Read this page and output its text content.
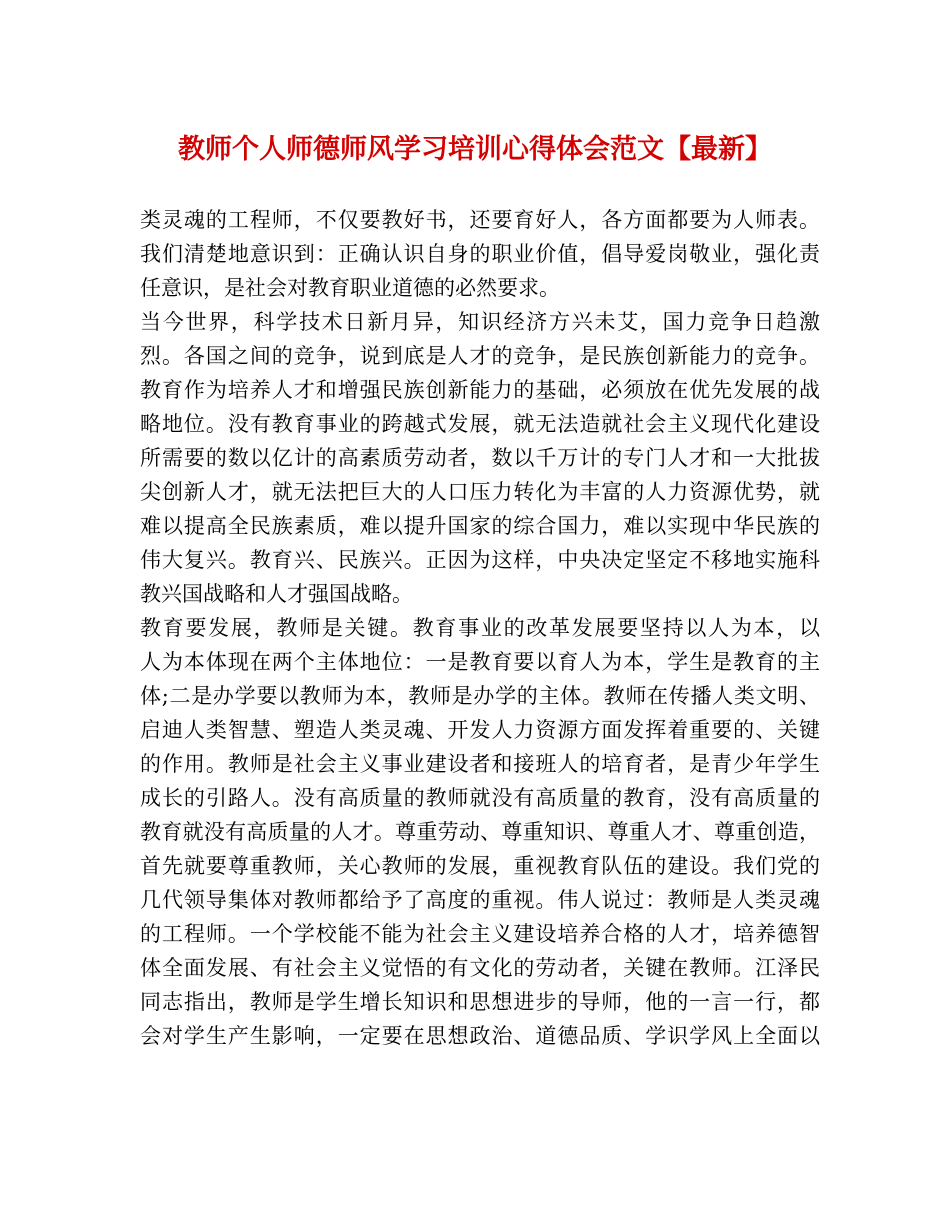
教师个人师德师风学习培训心得体会范文【最新】
类灵魂的工程师，不仅要教好书，还要育好人，各方面都要为人师表。
我们清楚地意识到：正确认识自身的职业价值，倡导爱岗敬业，强化责
任意识，是社会对教育职业道德的必然要求。
当今世界，科学技术日新月异，知识经济方兴未艾，国力竞争日趋激
烈。各国之间的竞争，说到底是人才的竞争，是民族创新能力的竞争。
教育作为培养人才和增强民族创新能力的基础，必须放在优先发展的战
略地位。没有教育事业的跨越式发展，就无法造就社会主义现代化建设
所需要的数以亿计的高素质劳动者，数以千万计的专门人才和一大批拔
尖创新人才，就无法把巨大的人口压力转化为丰富的人力资源优势，就
难以提高全民族素质，难以提升国家的综合国力，难以实现中华民族的
伟大复兴。教育兴、民族兴。正因为这样，中央决定坚定不移地实施科
教兴国战略和人才强国战略。
教育要发展，教师是关键。教育事业的改革发展要坚持以人为本，以
人为本体现在两个主体地位：一是教育要以育人为本，学生是教育的主
体;二是办学要以教师为本，教师是办学的主体。教师在传播人类文明、
启迪人类智慧、塑造人类灵魂、开发人力资源方面发挥着重要的、关键
的作用。教师是社会主义事业建设者和接班人的培育者，是青少年学生
成长的引路人。没有高质量的教师就没有高质量的教育，没有高质量的
教育就没有高质量的人才。尊重劳动、尊重知识、尊重人才、尊重创造，
首先就要尊重教师，关心教师的发展，重视教育队伍的建设。我们党的
几代领导集体对教师都给予了高度的重视。伟人说过：教师是人类灵魂
的工程师。一个学校能不能为社会主义建设培养合格的人才，培养德智
体全面发展、有社会主义觉悟的有文化的劳动者，关键在教师。江泽民
同志指出，教师是学生增长知识和思想进步的导师，他的一言一行，都
会对学生产生影响，一定要在思想政治、道德品质、学识学风上全面以
